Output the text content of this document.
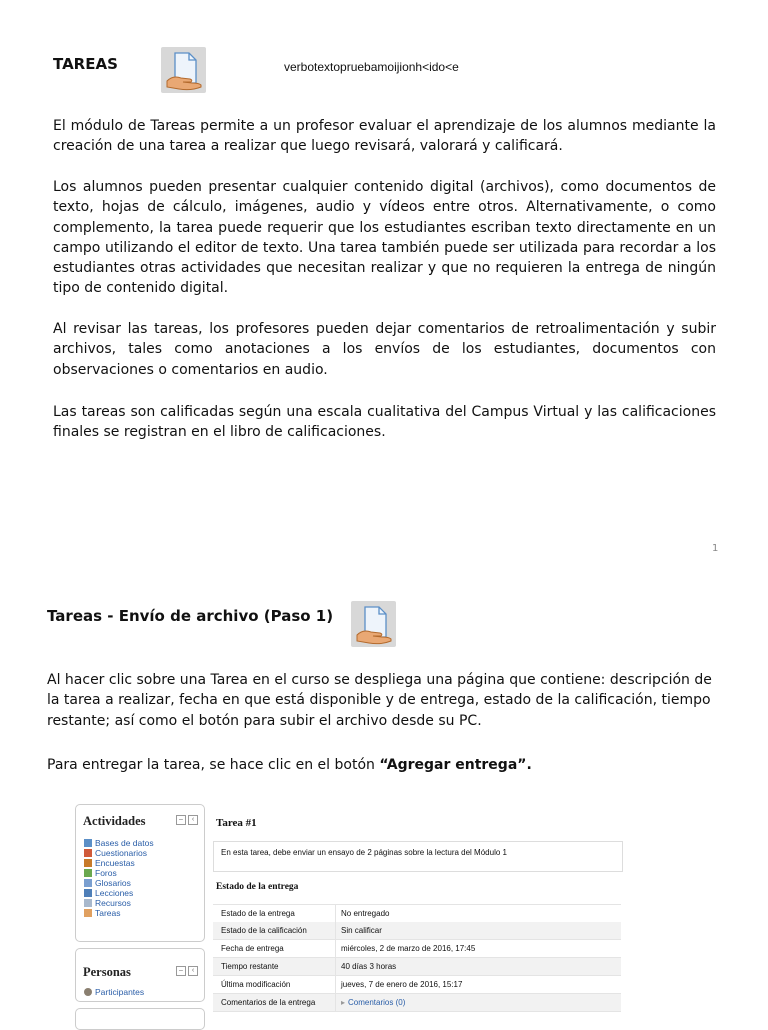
TAREAS	verbotextopruebamoijionh<ido<e
El módulo de Tareas permite a un profesor evaluar el aprendizaje de los alumnos mediante la creación de una tarea a realizar que luego revisará, valorará y calificará.
Los alumnos pueden presentar cualquier contenido digital (archivos), como documentos de texto, hojas de cálculo, imágenes, audio y vídeos entre otros. Alternativamente, o como complemento, la tarea puede requerir que los estudiantes escriban texto directamente en un campo utilizando el editor de texto. Una tarea también puede ser utilizada para recordar a los estudiantes otras actividades que necesitan realizar y que no requieren la entrega de ningún tipo de contenido digital.
Al revisar las tareas, los profesores pueden dejar comentarios de retroalimentación y subir archivos, tales como anotaciones a los envíos de los estudiantes, documentos con observaciones o comentarios en audio.
Las tareas son calificadas según una escala cualitativa del Campus Virtual y las calificaciones finales se registran en el libro de calificaciones.
1
Tareas - Envío de archivo (Paso 1)
Al hacer clic sobre una Tarea en el curso se despliega una página que contiene: descripción de la tarea a realizar, fecha en que está disponible y de entrega, estado de la calificación, tiempo restante; así como el botón para subir el archivo desde su PC.
Para entregar la tarea, se hace clic en el botón “Agregar entrega”.
Actividades	–	‹
Bases de datos
Cuestionarios
Encuestas
Foros
Glosarios
Lecciones
Recursos
Tareas
Personas	–	‹
Participantes
Tarea #1
En esta tarea, debe enviar un ensayo de 2 páginas sobre la lectura del Módulo 1
Estado de la entrega
Estado de la entrega	No entregado
Estado de la calificación	Sin calificar
Fecha de entrega	miércoles, 2 de marzo de 2016, 17:45
Tiempo restante	40 días 3 horas
Última modificación	jueves, 7 de enero de 2016, 15:17
Comentarios de la entrega	▸ Comentarios (0)
